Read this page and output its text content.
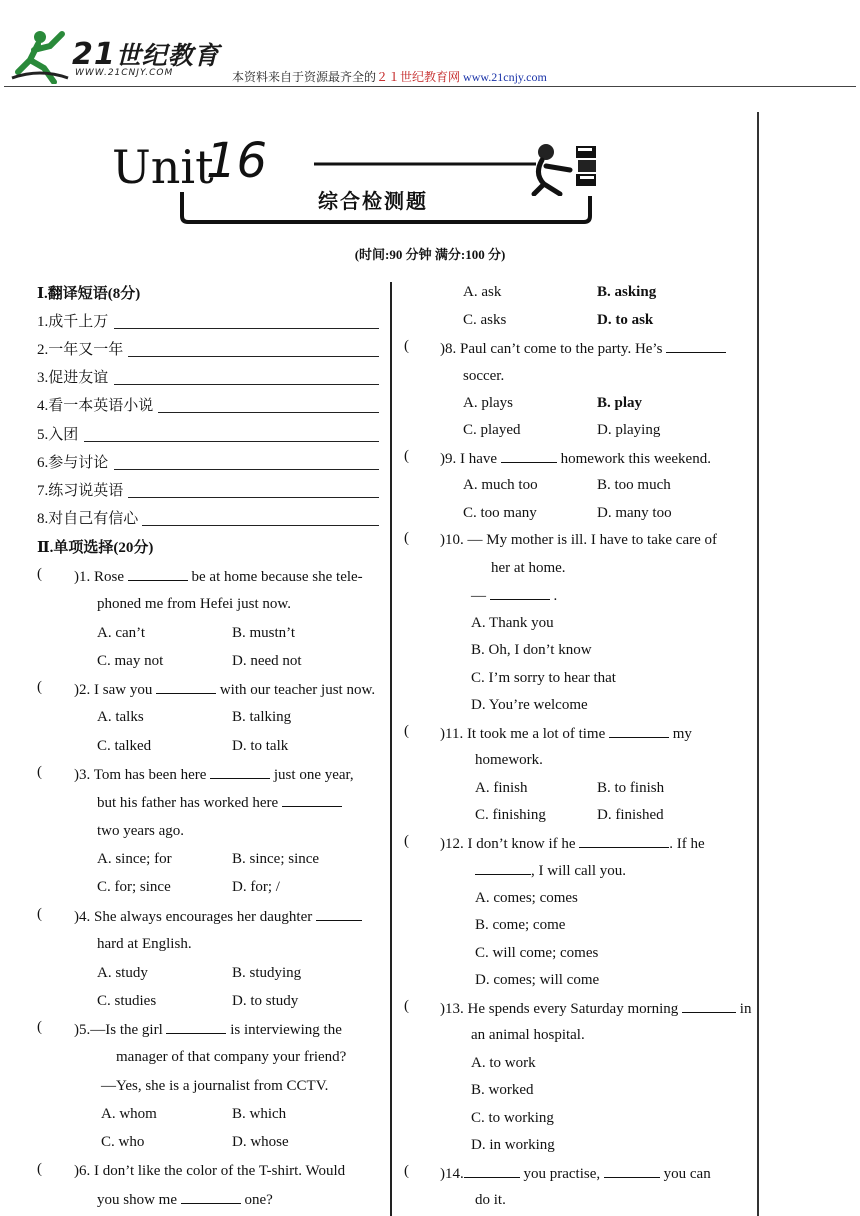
21世纪教育
WWW.21CNJY.COM	本资料来自于资源最齐全的２１世纪教育网 www.21cnjy.com
Unit
16
综合检测题
(时间:90 分钟 满分:100 分)
Ⅰ.翻译短语(8分)
1.成千上万
2.一年又一年
3.促进友谊
4.看一本英语小说
5.入团
6.参与讨论
7.练习说英语
8.对自己有信心
Ⅱ.单项选择(20分)
( )1. Rose	be at home because she tele-
phoned me from Hefei just now.
A. can’t	B. mustn’t
C. may not	D. need not
( )2. I saw you	with our teacher just now.
A. talks	B. talking
C. talked	D. to talk
( )3. Tom has been here	just one year,
but his father has worked here
two years ago.
A. since; for	B. since; since
C. for; since	D. for; /
( )4. She always encourages her daughter
hard at English.
A. study	B. studying
C. studies	D. to study
( )5.—Is the girl	is interviewing the
manager of that company your friend?
—Yes, she is a journalist from CCTV.
A. whom	B. which
C. who	D. whose
( )6. I don’t like the color of the T-shirt. Would
you show me	one?
A. ask	B. asking
C. asks	D. to ask
( )8. Paul can’t come to the party. He’s
soccer.
A. plays	B. play
C. played	D. playing
( )9. I have	homework this weekend.
A. much too	B. too much
C. too many	D. many too
( )10. — My mother is ill. I have to take care of
her at home.
—	.
A. Thank you
B. Oh, I don’t know
C. I’m sorry to hear that
D. You’re welcome
( )11. It took me a lot of time	my
homework.
A. finish	B. to finish
C. finishing	D. finished
( )12. I don’t know if he	. If he
, I will call you.
A. comes; comes
B. come; come
C. will come; comes
D. comes; will come
( )13. He spends every Saturday morning	in
an animal hospital.
A. to work
B. worked
C. to working
D. in working
( )14.	you practise,	you can
do it.
